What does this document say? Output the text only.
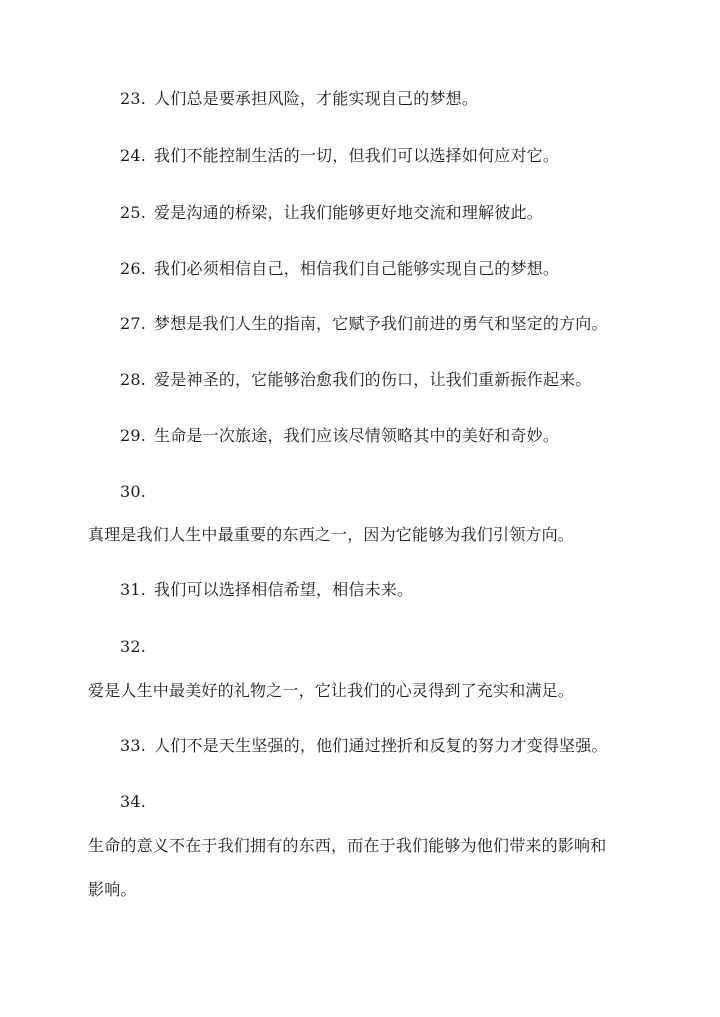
23. 人们总是要承担风险，才能实现自己的梦想。
24. 我们不能控制生活的一切，但我们可以选择如何应对它。
25. 爱是沟通的桥梁，让我们能够更好地交流和理解彼此。
26. 我们必须相信自己，相信我们自己能够实现自己的梦想。
27. 梦想是我们人生的指南，它赋予我们前进的勇气和坚定的方向。
28. 爱是神圣的，它能够治愈我们的伤口，让我们重新振作起来。
29. 生命是一次旅途，我们应该尽情领略其中的美好和奇妙。
30.
真理是我们人生中最重要的东西之一，因为它能够为我们引领方向。
31. 我们可以选择相信希望，相信未来。
32.
爱是人生中最美好的礼物之一，它让我们的心灵得到了充实和满足。
33. 人们不是天生坚强的，他们通过挫折和反复的努力才变得坚强。
34.
生命的意义不在于我们拥有的东西，而在于我们能够为他们带来的影响和
影响。
